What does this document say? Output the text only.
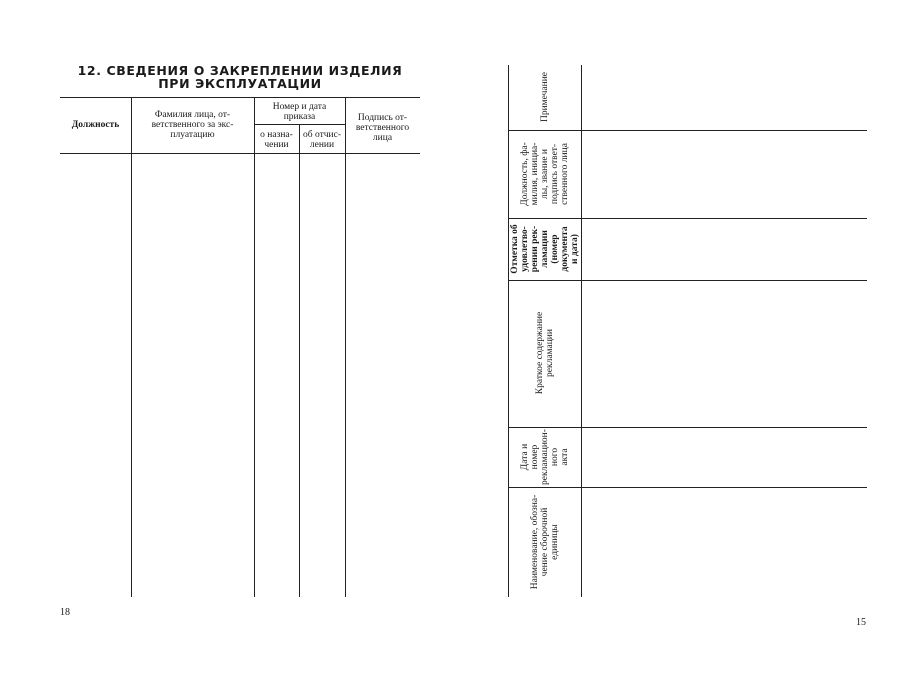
12. СВЕДЕНИЯ О ЗАКРЕПЛЕНИИ ИЗДЕЛИЯ
ПРИ ЭКСПЛУАТАЦИИ
Должность
Фамилия лица, от-
ветственного за экс-
плуатацию
Номер и дата
приказа
о назна-
чении
об отчис-
лении
Подпись от-
ветственного
лица
18
Примечание
Должность, фа- милия, инициа- лы, звание и подпись ответ- ственного лица
Отметка об удовлетво- рении рек- ламации (номер документа и дата)
Краткое содержание рекламации
Дата и номер рекламацион- ного акта
Наименование, обозна- чение сборочной единицы
15
